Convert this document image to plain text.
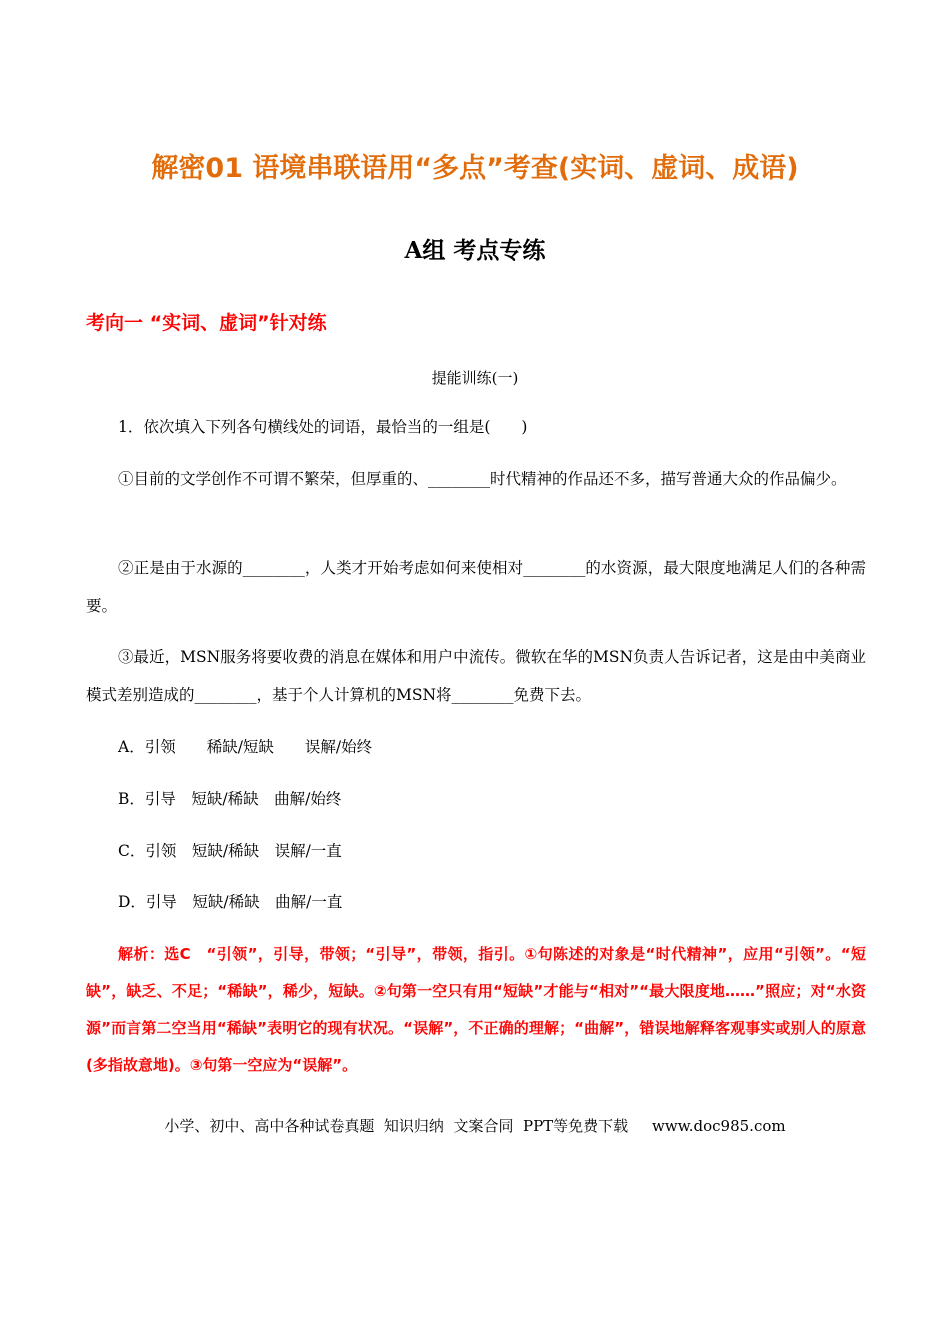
解密01 语境串联语用“多点”考查(实词、虚词、成语)
A组 考点专练
考向一 “实词、虚词”针对练
提能训练(一)
1．依次填入下列各句横线处的词语，最恰当的一组是(　　)
①目前的文学创作不可谓不繁荣，但厚重的、________时代精神的作品还不多，描写普通大众的作品偏少。
②正是由于水源的________，人类才开始考虑如何来使相对________的水资源，最大限度地满足人们的各种需要。
③最近，MSN服务将要收费的消息在媒体和用户中流传。微软在华的MSN负责人告诉记者，这是由中美商业模式差别造成的________，基于个人计算机的MSN将________免费下去。
A．引领　　稀缺/短缺　　误解/始终
B．引导　短缺/稀缺　曲解/始终
C．引领　短缺/稀缺　误解/一直
D．引导　短缺/稀缺　曲解/一直
解析：选C　“引领”，引导，带领；“引导”，带领，指引。①句陈述的对象是“时代精神”，应用“引领”。“短缺”，缺乏、不足；“稀缺”，稀少，短缺。②句第一空只有用“短缺”才能与“相对”“最大限度地……”照应；对“水资源”而言第二空当用“稀缺”表明它的现有状况。“误解”，不正确的理解；“曲解”，错误地解释客观事实或别人的原意(多指故意地)。③句第一空应为“误解”。
小学、初中、高中各种试卷真题  知识归纳  文案合同  PPT等免费下载     www.doc985.com
